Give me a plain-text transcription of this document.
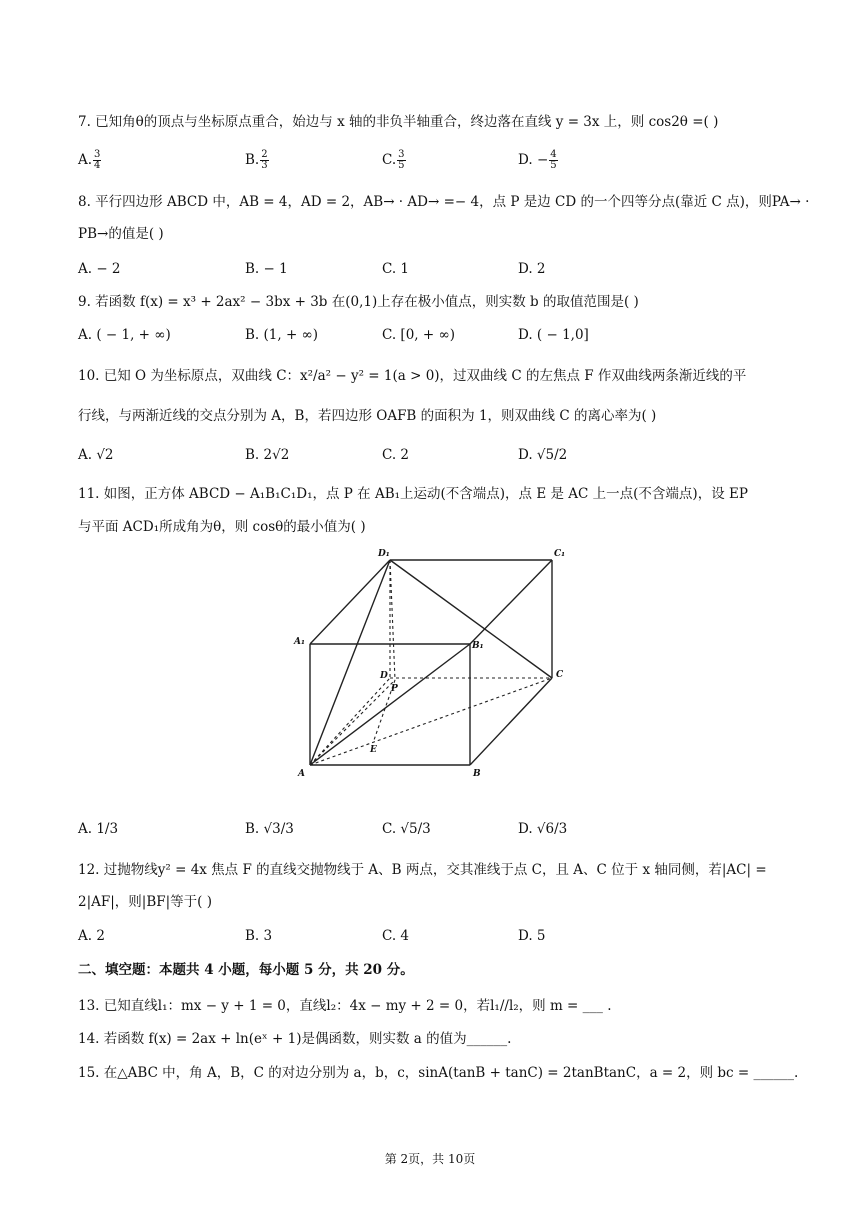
7. 已知角θ的顶点与坐标原点重合，始边与 x 轴的非负半轴重合，终边落在直线 y = 3x 上，则 cos2θ =( )
A. $\frac{3}{4}$	B. $\frac{2}{3}$	C. $\frac{3}{5}$	D. − $\frac{4}{5}$
8. 平行四边形 ABCD 中，AB = 4，AD = 2，AB→ · AD→ =− 4，点 P 是边 CD 的一个四等分点(靠近 C 点)，则PA→ ·
PB→的值是( )
A. − 2	B. − 1	C. 1	D. 2
9. 若函数 f(x) = x³ + 2ax² − 3bx + 3b 在(0,1)上存在极小值点，则实数 b 的取值范围是( )
A. ( − 1, + ∞)	B. (1, + ∞)	C. [0, + ∞)	D. ( − 1,0]
10. 已知 O 为坐标原点，双曲线 C：x²/a² − y² = 1(a > 0)，过双曲线 C 的左焦点 F 作双曲线两条渐近线的平
行线，与两渐近线的交点分别为 A，B，若四边形 OAFB 的面积为 1，则双曲线 C 的离心率为( )
A. √2	B. 2√2	C. 2	D. √5/2
11. 如图，正方体 ABCD − A₁B₁C₁D₁，点 P 在 AB₁上运动(不含端点)，点 E 是 AC 上一点(不含端点)，设 EP
与平面 ACD₁所成角为θ，则 cosθ的最小值为( )
D₁	C₁
A₁	B₁
D
P
C
E
A	B
A. 1/3	B. √3/3	C. √5/3	D. √6/3
12. 过抛物线y² = 4x 焦点 F 的直线交抛物线于 A、B 两点，交其准线于点 C，且 A、C 位于 x 轴同侧，若|AC| =
2|AF|，则|BF|等于( )
A. 2	B. 3	C. 4	D. 5
二、填空题：本题共 4 小题，每小题 5 分，共 20 分。
13. 已知直线l₁：mx − y + 1 = 0，直线l₂：4x − my + 2 = 0，若l₁//l₂，则 m = ___ .
14. 若函数 f(x) = 2ax + ln(eˣ + 1)是偶函数，则实数 a 的值为______.
15. 在△ABC 中，角 A，B，C 的对边分别为 a，b，c，sinA(tanB + tanC) = 2tanBtanC，a = 2，则 bc = ______.
第 2页，共 10页
